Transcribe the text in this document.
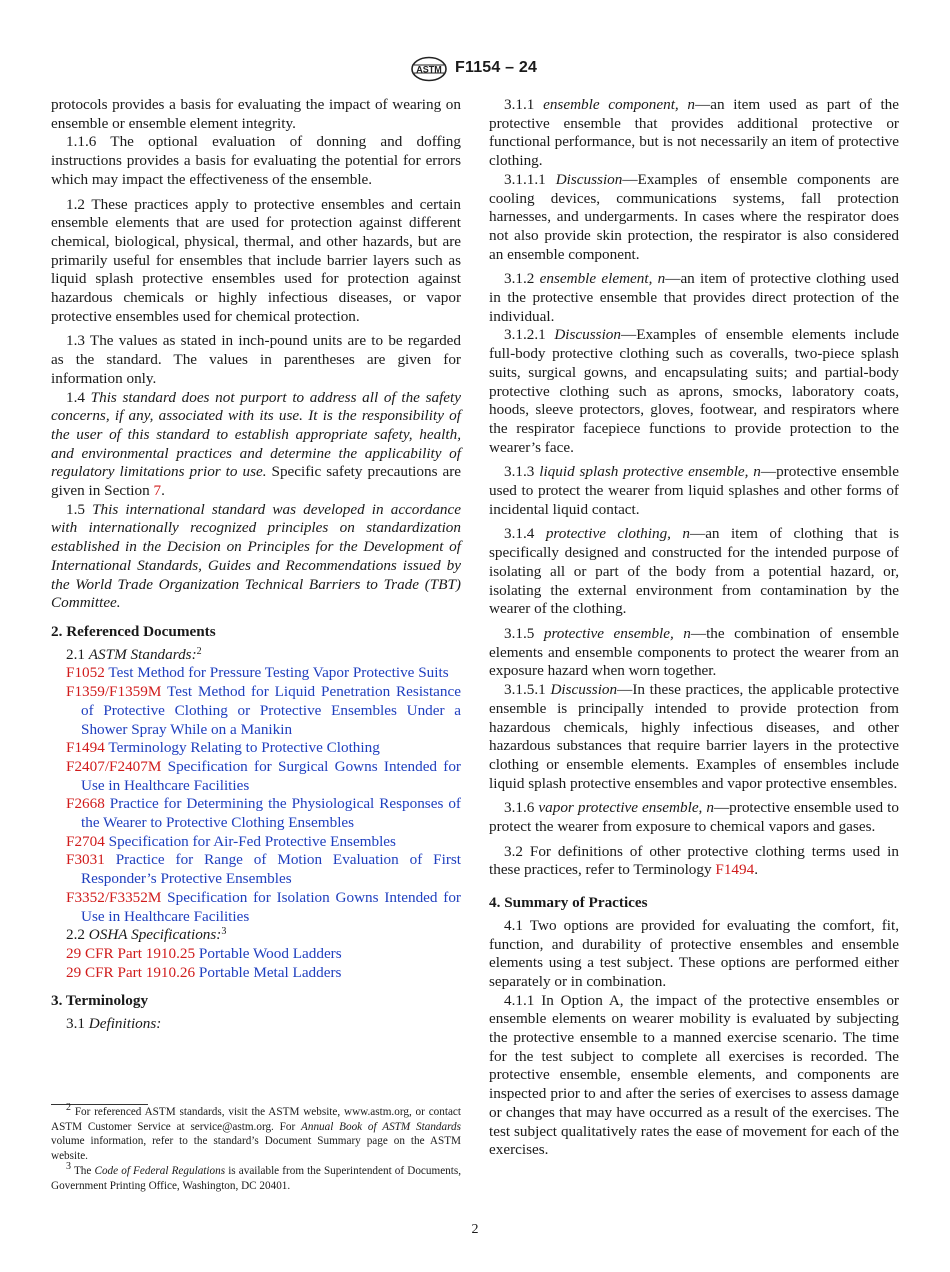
ASTM F1154 – 24

protocols provides a basis for evaluating the impact of wearing on ensemble or ensemble element integrity.

1.1.6 The optional evaluation of donning and doffing instructions provides a basis for evaluating the potential for errors which may impact the effectiveness of the ensemble.

1.2 These practices apply to protective ensembles and certain ensemble elements that are used for protection against different chemical, biological, physical, thermal, and other hazards, but are primarily useful for ensembles that include barrier layers such as liquid splash protective ensembles used for protection against hazardous chemicals or highly infectious diseases, or vapor protective ensembles used for chemical protection.

1.3 The values as stated in inch-pound units are to be regarded as the standard. The values in parentheses are given for information only.

1.4 This standard does not purport to address all of the safety concerns, if any, associated with its use. It is the responsibility of the user of this standard to establish appropriate safety, health, and environmental practices and determine the applicability of regulatory limitations prior to use. Specific safety precautions are given in Section 7.

1.5 This international standard was developed in accordance with internationally recognized principles on standardization established in the Decision on Principles for the Development of International Standards, Guides and Recommendations issued by the World Trade Organization Technical Barriers to Trade (TBT) Committee.

2. Referenced Documents

2.1 ASTM Standards:$^2$

F1052 Test Method for Pressure Testing Vapor Protective Suits

F1359/F1359M Test Method for Liquid Penetration Resistance of Protective Clothing or Protective Ensembles Under a Shower Spray While on a Manikin

F1494 Terminology Relating to Protective Clothing

F2407/F2407M Specification for Surgical Gowns Intended for Use in Healthcare Facilities

F2668 Practice for Determining the Physiological Responses of the Wearer to Protective Clothing Ensembles

F2704 Specification for Air-Fed Protective Ensembles

F3031 Practice for Range of Motion Evaluation of First Responder’s Protective Ensembles

F3352/F3352M Specification for Isolation Gowns Intended for Use in Healthcare Facilities

2.2 OSHA Specifications:$^3$

29 CFR Part 1910.25 Portable Wood Ladders

29 CFR Part 1910.26 Portable Metal Ladders

3. Terminology

3.1 Definitions:

3.1.1 ensemble component, n—an item used as part of the protective ensemble that provides additional protective or functional performance, but is not necessarily an item of protective clothing.

3.1.1.1 Discussion—Examples of ensemble components are cooling devices, communications systems, fall protection harnesses, and undergarments. In cases where the respirator does not also provide skin protection, the respirator is also considered an ensemble component.

3.1.2 ensemble element, n—an item of protective clothing used in the protective ensemble that provides direct protection of the individual.

3.1.2.1 Discussion—Examples of ensemble elements include full-body protective clothing such as coveralls, two-piece splash suits, surgical gowns, and encapsulating suits; and partial-body protective clothing such as aprons, smocks, laboratory coats, hoods, sleeve protectors, gloves, footwear, and respirators where the respirator facepiece functions to provide protection to the wearer’s face.

3.1.3 liquid splash protective ensemble, n—protective ensemble used to protect the wearer from liquid splashes and other forms of incidental liquid contact.

3.1.4 protective clothing, n—an item of clothing that is specifically designed and constructed for the intended purpose of isolating all or part of the body from a potential hazard, or, isolating the external environment from contamination by the wearer of the clothing.

3.1.5 protective ensemble, n—the combination of ensemble elements and ensemble components to protect the wearer from an exposure hazard when worn together.

3.1.5.1 Discussion—In these practices, the applicable protective ensemble is principally intended to provide protection from hazardous chemicals, highly infectious diseases, and other hazardous substances that require barrier layers in the protective clothing or ensemble elements. Examples of ensembles include liquid splash protective ensembles and vapor protective ensembles.

3.1.6 vapor protective ensemble, n—protective ensemble used to protect the wearer from exposure to chemical vapors and gases.

3.2 For definitions of other protective clothing terms used in these practices, refer to Terminology F1494.

4. Summary of Practices

4.1 Two options are provided for evaluating the comfort, fit, function, and durability of protective ensembles and ensemble elements using a test subject. These options are performed either separately or in combination.

4.1.1 In Option A, the impact of the protective ensembles or ensemble elements on wearer mobility is evaluated by subjecting the protective ensemble to a manned exercise scenario. The time for the test subject to complete all exercises is recorded. The protective ensemble, ensemble elements, and components are inspected prior to and after the series of exercises to assess damage or changes that may have occurred as a result of the exercises. The test subject qualitatively rates the ease of movement for each of the exercises.

$^2$ For referenced ASTM standards, visit the ASTM website, www.astm.org, or contact ASTM Customer Service at service@astm.org. For Annual Book of ASTM Standards volume information, refer to the standard’s Document Summary page on the ASTM website.

$^3$ The Code of Federal Regulations is available from the Superintendent of Documents, Government Printing Office, Washington, DC 20401.

2
